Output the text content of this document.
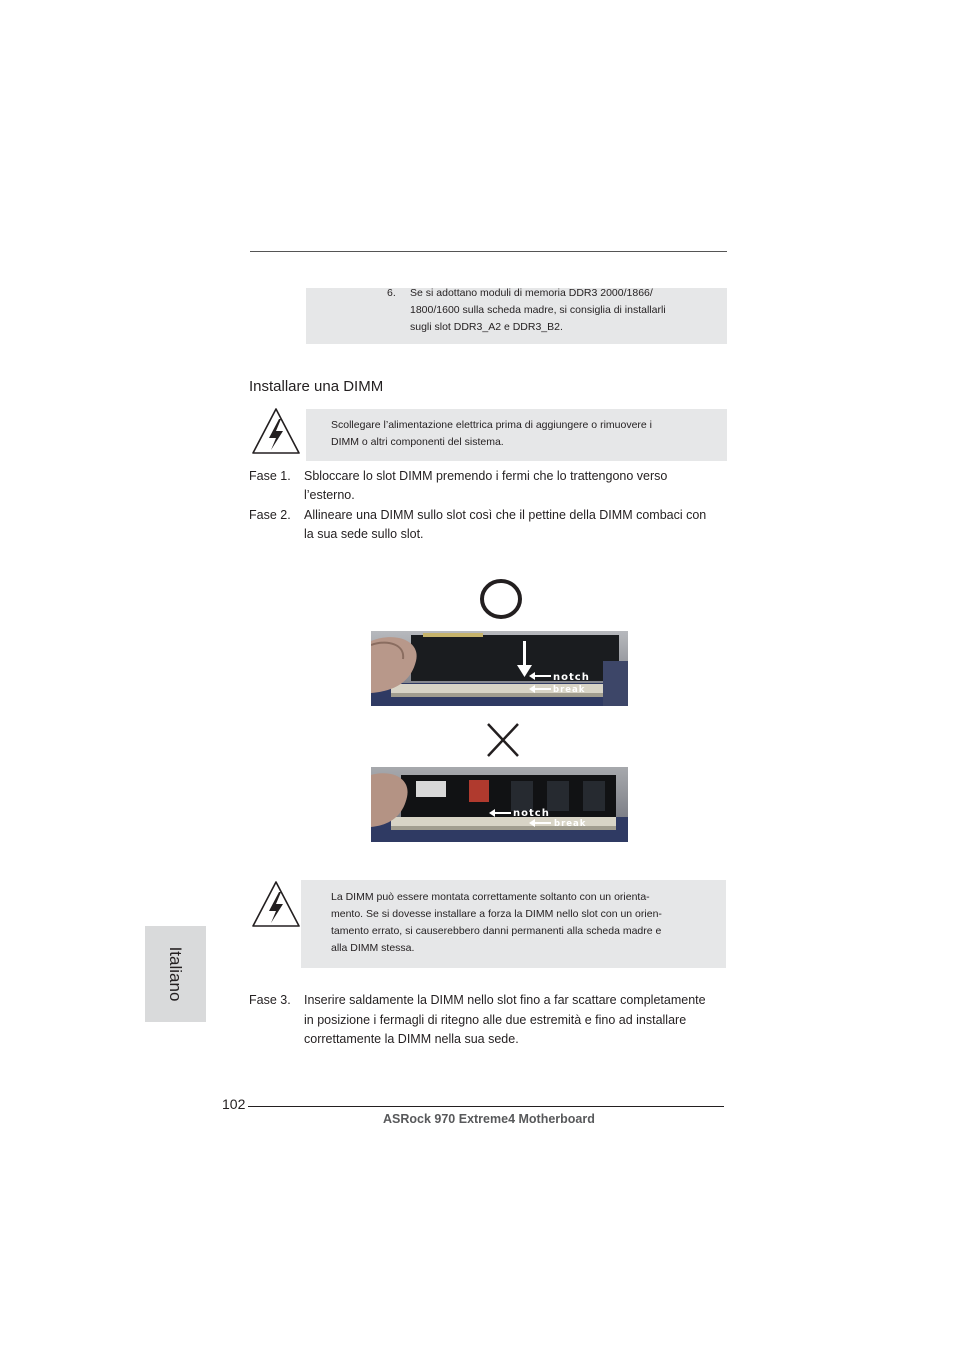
6. Se si adottano moduli di memoria DDR3 2000/1866/
1800/1600 sulla scheda madre, si consiglia di installarli
sugli slot DDR3_A2 e DDR3_B2.
Installare una DIMM
Scollegare l’alimentazione elettrica prima di aggiungere o rimuovere i
DIMM o altri componenti del sistema.
Fase 1. Sbloccare lo slot DIMM premendo i fermi che lo trattengono verso
l’esterno.
Fase 2. Allineare una DIMM sullo slot così che il pettine della DIMM combaci con
la sua sede sullo slot.
notch
break
notch
break
La DIMM può essere montata correttamente soltanto con un orienta-
mento. Se si dovesse installare a forza la DIMM nello slot con un orien-
tamento errato, si causerebbero danni permanenti alla scheda madre e
alla DIMM stessa.
Fase 3. Inserire saldamente la DIMM nello slot fino a far scattare completamente
in posizione i fermagli di ritegno alle due estremità e fino ad installare
correttamente la DIMM nella sua sede.
Italiano
102
ASRock 970 Extreme4 Motherboard
